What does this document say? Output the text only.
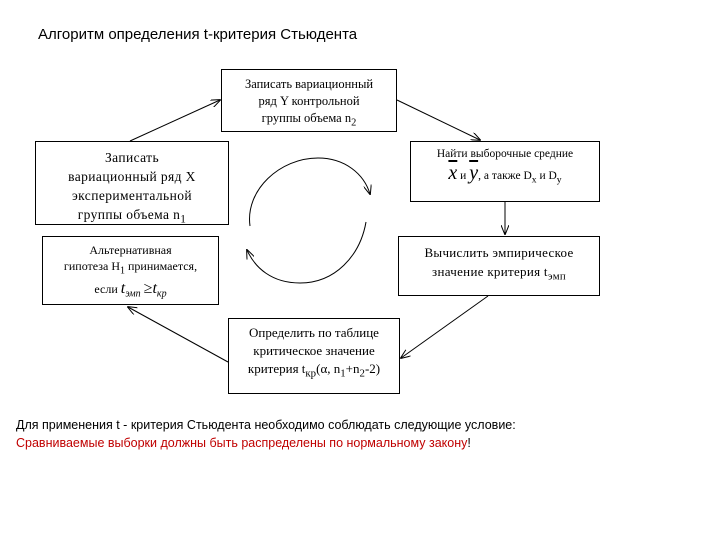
Алгоритм определения t-критерия Стьюдента
Записать вариационный
ряд Y контрольной
группы объема $n_2$
Записать
вариационный ряд X
экспериментальной
группы объема $n_1$
Найти выборочные средние
$\overline{x}$ и $\overline{y}$, а также $D_x$ и $D_y$
Альтернативная
гипотеза $H_1$ принимается,
если $t_{эмп} \ge t_{кр}$
Вычислить эмпирическое
значение критерия $t_{эмп}$
Определить по таблице
критическое значение
критерия $t_{кр}(\alpha$, $n_1+n_2-2$)
Для применения t - критерия Стьюдента необходимо соблюдать следующие условие:
Сравниваемые выборки должны быть распределены по нормальному закону!
